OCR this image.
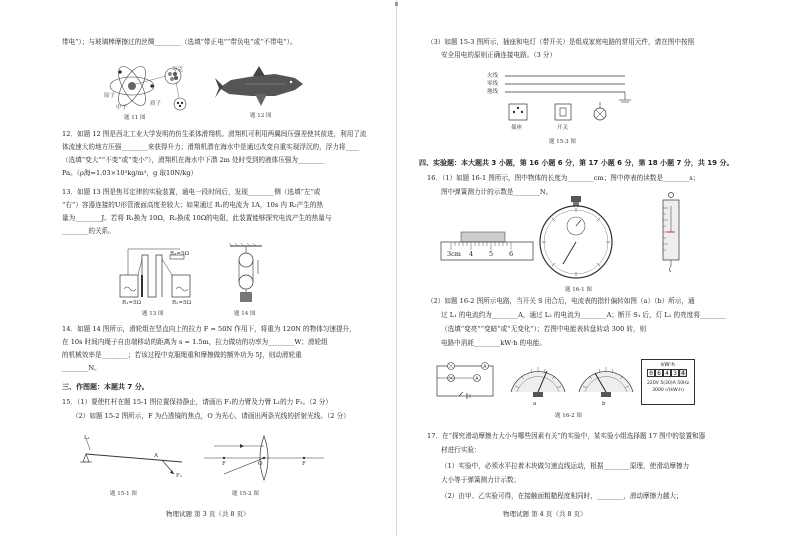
带电”）；与玻璃棒摩擦过的丝绸________（选填“带正电”“带负电”或“不带电”）。
原子
夸克
质子
中子
题 11 图	题 12 图
12．如题 12 图是西北工业大学发明的仿生柔体滑翔机。滑翔机可利用两翼间压强差使其前进，利用了流
体流速大的地方压强________来获得升力；滑翔机潜在海水中是通过改变自重实现浮沉的，浮力将____
（选填“变大”“不变”或“变小”），滑翔机在海水中下潜 2m 处时受到的液体压强为________
Pa。（ρ海=1.03×10³kg/m³，g 取10N/kg）
13．如题 13 图是焦耳定律的实验装置，通电一段时间后，发现________侧（选填“左”或
“右”）容器连接的U形管液面高度差较大；如果通过 R₁的电流为 1A，10s 内 R₂产生的热
量为________J。若将 R₁换为 10Ω，R₂换成 10Ω的电阻，此装置能够探究电流产生的热量与
________的关系。
R₃=5Ω
R₁=5Ω	R₂=5Ω
题 13 图	题 14 图
14．如题 14 图所示，滑轮组在竖直向上的拉力 F = 50N 作用下，将重为 120N 的物体匀速提升，
在 10s 时间内绳子自由端移动的距离为 s = 1.5m，拉力做功的功率为________W；滑轮组
的机械效率是________；若该过程中克服绳重和摩擦做的额外功为 5J，则动滑轮重
________N。
三、作图题：本题共 7 分。
15．（1）要使杠杆在题 15-1 图位置保持静止，请画出 F₁的力臂及力臂 L₁的力 F₂。（2 分）
（2）如题 15-2 图所示，F 为凸透镜的焦点，O 为光心，请画出两条光线的折射光线。（2 分）
L₁
A
F₁
题 15-1 图
F	O	F
题 15-2 图
物理试题 第 3 页（共 8 页）
（3）如题 15-3 图所示，插座和电灯（带开关）是组成家庭电路的常用元件，请在图中按照
安全用电的原则正确连接电路。（3 分）
火线
零线
地线
插座	开关
题 15-3 图
四、实验题：本大题共 3 小题，第 16 小题 6 分，第 17 小题 6 分，第 18 小题 7 分，共 19 分。
16．（1）如题 16-1 图所示，图中物体的长度为________cm；图中停表的读数是________s；
图中弹簧测力计的示数是________N。
3cm 4 5 6
题 16-1 图
（2）如题 16-2 图所示电路，当开关 S 闭合后，电流表的指针偏转如图（a）（b）所示，通
过 L₁ 的电流约为________A，通过 L₂ 的电流为________A；断开 S₁ 后，灯 L₁ 的亮度将________
（选填“变亮”“变暗”或“无变化”）；若图中电能表转盘转动 300 转，则
电路中消耗________kW·h 的电能。
A
A
a	b
kW·h
0 6 4 3 4
220V 5(30)A 50Hz
3000 r/(kW·h)
题 16-2 图
17．在“探究滑动摩擦力大小与哪些因素有关”的实验中，某实验小组选择题 17 图中的装置和器
材进行实验：
（1）实验中，必须水平拉着木块做匀速直线运动，根据________原理，使滑动摩擦力
大小等于弹簧测力计示数；
（2）由甲、乙实验可得，在接触面粗糙程度相同时，________，滑动摩擦力越大；
物理试题 第 4 页（共 8 页）
